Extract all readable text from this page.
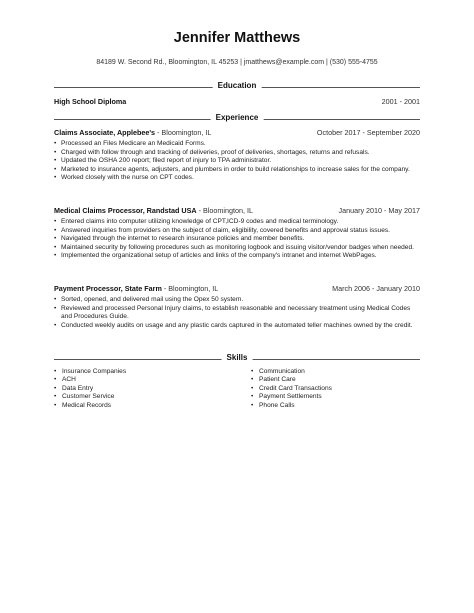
Jennifer Matthews
84189 W. Second Rd., Bloomington, IL 45253 | jmatthews@example.com | (530) 555-4755
Education
High School Diploma	2001 - 2001
Experience
Claims Associate, Applebee's - Bloomington, IL	October 2017 - September 2020
• Processed an Files Medicare an Medicaid Forms.
• Charged with follow through and tracking of deliveries, proof of deliveries, shortages, returns and refusals.
• Updated the OSHA 200 report; filed report of injury to TPA administrator.
• Marketed to insurance agents, adjusters, and plumbers in order to build relationships to increase sales for the company.
• Worked closely with the nurse on CPT codes.
Medical Claims Processor, Randstad USA - Bloomington, IL	January 2010 - May 2017
• Entered claims into computer utilizing knowledge of CPT,ICD-9 codes and medical terminology.
• Answered inquiries from providers on the subject of claim, eligibility, covered benefits and approval status issues.
• Navigated through the internet to research insurance policies and member benefits.
• Maintained security by following procedures such as monitoring logbook and issuing visitor/vendor badges when needed.
• Implemented the organizational setup of articles and links of the company's intranet and internet WebPages.
Payment Processor, State Farm - Bloomington, IL	March 2006 - January 2010
• Sorted, opened, and delivered mail using the Opex 50 system.
• Reviewed and processed Personal Injury claims, to establish reasonable and necessary treatment using Medical Codes and Procedures Guide.
• Conducted weekly audits on usage and any plastic cards captured in the automated teller machines owned by the credit.
Skills
• Insurance Companies
• ACH
• Data Entry
• Customer Service
• Medical Records
• Communication
• Patient Care
• Credit Card Transactions
• Payment Settlements
• Phone Calls
